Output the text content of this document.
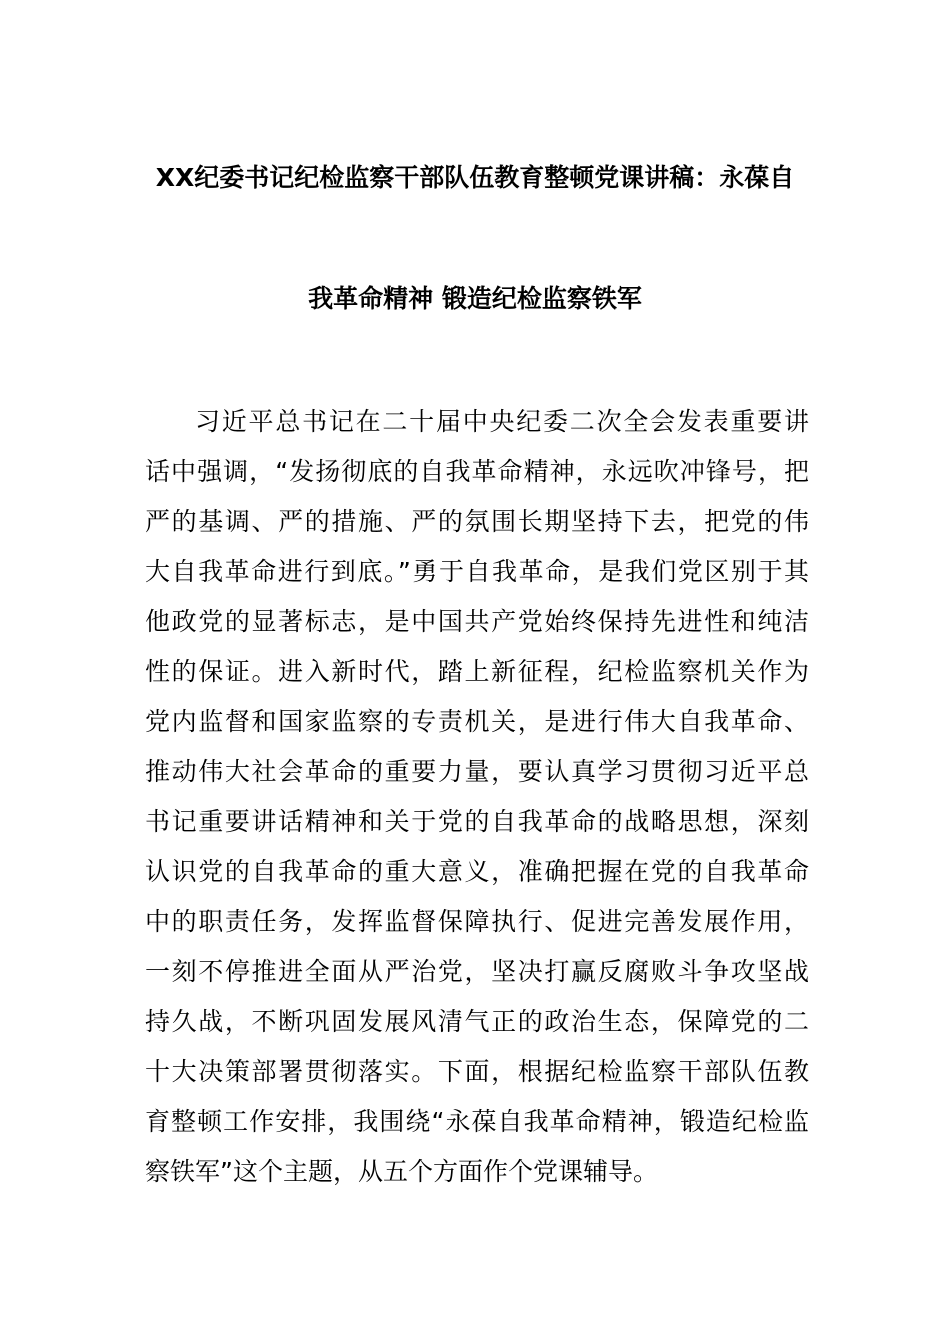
XX纪委书记纪检监察干部队伍教育整顿党课讲稿：永葆自
我革命精神 锻造纪检监察铁军
习近平总书记在二十届中央纪委二次全会发表重要讲
话中强调，“发扬彻底的自我革命精神，永远吹冲锋号，把
严的基调、严的措施、严的氛围长期坚持下去，把党的伟
大自我革命进行到底。”勇于自我革命，是我们党区别于其
他政党的显著标志，是中国共产党始终保持先进性和纯洁
性的保证。进入新时代，踏上新征程，纪检监察机关作为
党内监督和国家监察的专责机关，是进行伟大自我革命、
推动伟大社会革命的重要力量，要认真学习贯彻习近平总
书记重要讲话精神和关于党的自我革命的战略思想，深刻
认识党的自我革命的重大意义，准确把握在党的自我革命
中的职责任务，发挥监督保障执行、促进完善发展作用，
一刻不停推进全面从严治党，坚决打赢反腐败斗争攻坚战
持久战，不断巩固发展风清气正的政治生态，保障党的二
十大决策部署贯彻落实。下面，根据纪检监察干部队伍教
育整顿工作安排，我围绕“永葆自我革命精神，锻造纪检监
察铁军”这个主题，从五个方面作个党课辅导。
